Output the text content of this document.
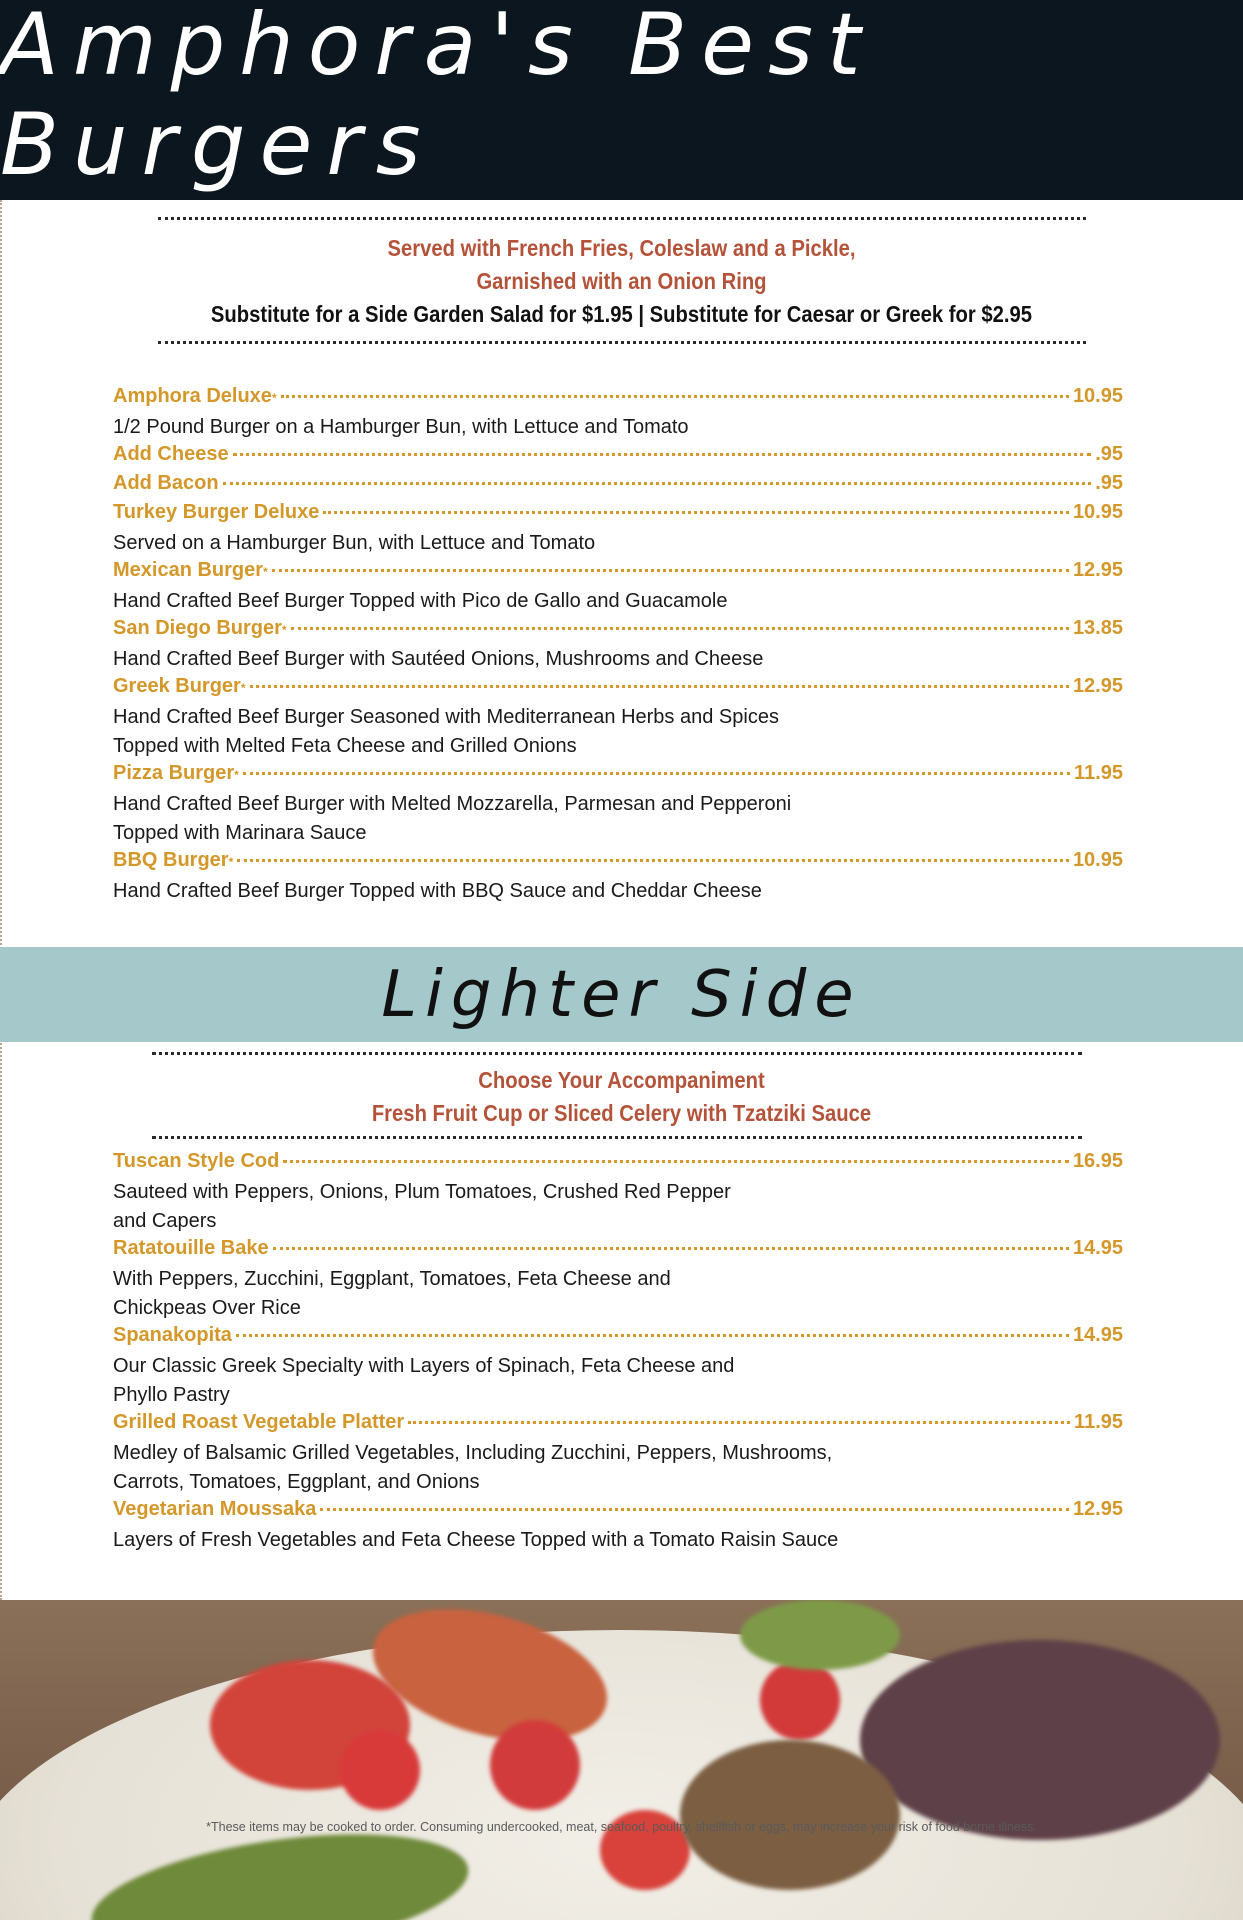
Amphora's Best Burgers
Served with French Fries, Coleslaw and a Pickle,
Garnished with an Onion Ring
Substitute for a Side Garden Salad for $1.95 | Substitute for Caesar or Greek for $2.95
Amphora Deluxe *	10.95
1/2 Pound Burger on a Hamburger Bun, with Lettuce and Tomato
Add Cheese	.95
Add Bacon	.95
Turkey Burger Deluxe	10.95
Served on a Hamburger Bun, with Lettuce and Tomato
Mexican Burger *	12.95
Hand Crafted Beef Burger Topped with Pico de Gallo and Guacamole
San Diego Burger *	13.85
Hand Crafted Beef Burger with Sautéed Onions, Mushrooms and Cheese
Greek Burger *	12.95
Hand Crafted Beef Burger Seasoned with Mediterranean Herbs and Spices
Topped with Melted Feta Cheese and Grilled Onions
Pizza Burger *	11.95
Hand Crafted Beef Burger with Melted Mozzarella, Parmesan and Pepperoni
Topped with Marinara Sauce
BBQ Burger *	10.95
Hand Crafted Beef Burger Topped with BBQ Sauce and Cheddar Cheese
Lighter Side
Choose Your Accompaniment
Fresh Fruit Cup or Sliced Celery with Tzatziki Sauce
Tuscan Style Cod	16.95
Sauteed with Peppers, Onions, Plum Tomatoes, Crushed Red Pepper
and Capers
Ratatouille Bake	14.95
With Peppers, Zucchini, Eggplant, Tomatoes, Feta Cheese and
Chickpeas Over Rice
Spanakopita	14.95
Our Classic Greek Specialty with Layers of Spinach, Feta Cheese and
Phyllo Pastry
Grilled Roast Vegetable Platter	11.95
Medley of Balsamic Grilled Vegetables, Including Zucchini, Peppers, Mushrooms,
Carrots, Tomatoes, Eggplant, and Onions
Vegetarian Moussaka	12.95
Layers of Fresh Vegetables and Feta Cheese Topped with a Tomato Raisin Sauce
*These items may be cooked to order. Consuming undercooked, meat, seafood, poultry, shellfish or eggs, may increase your risk of food borne illness.
